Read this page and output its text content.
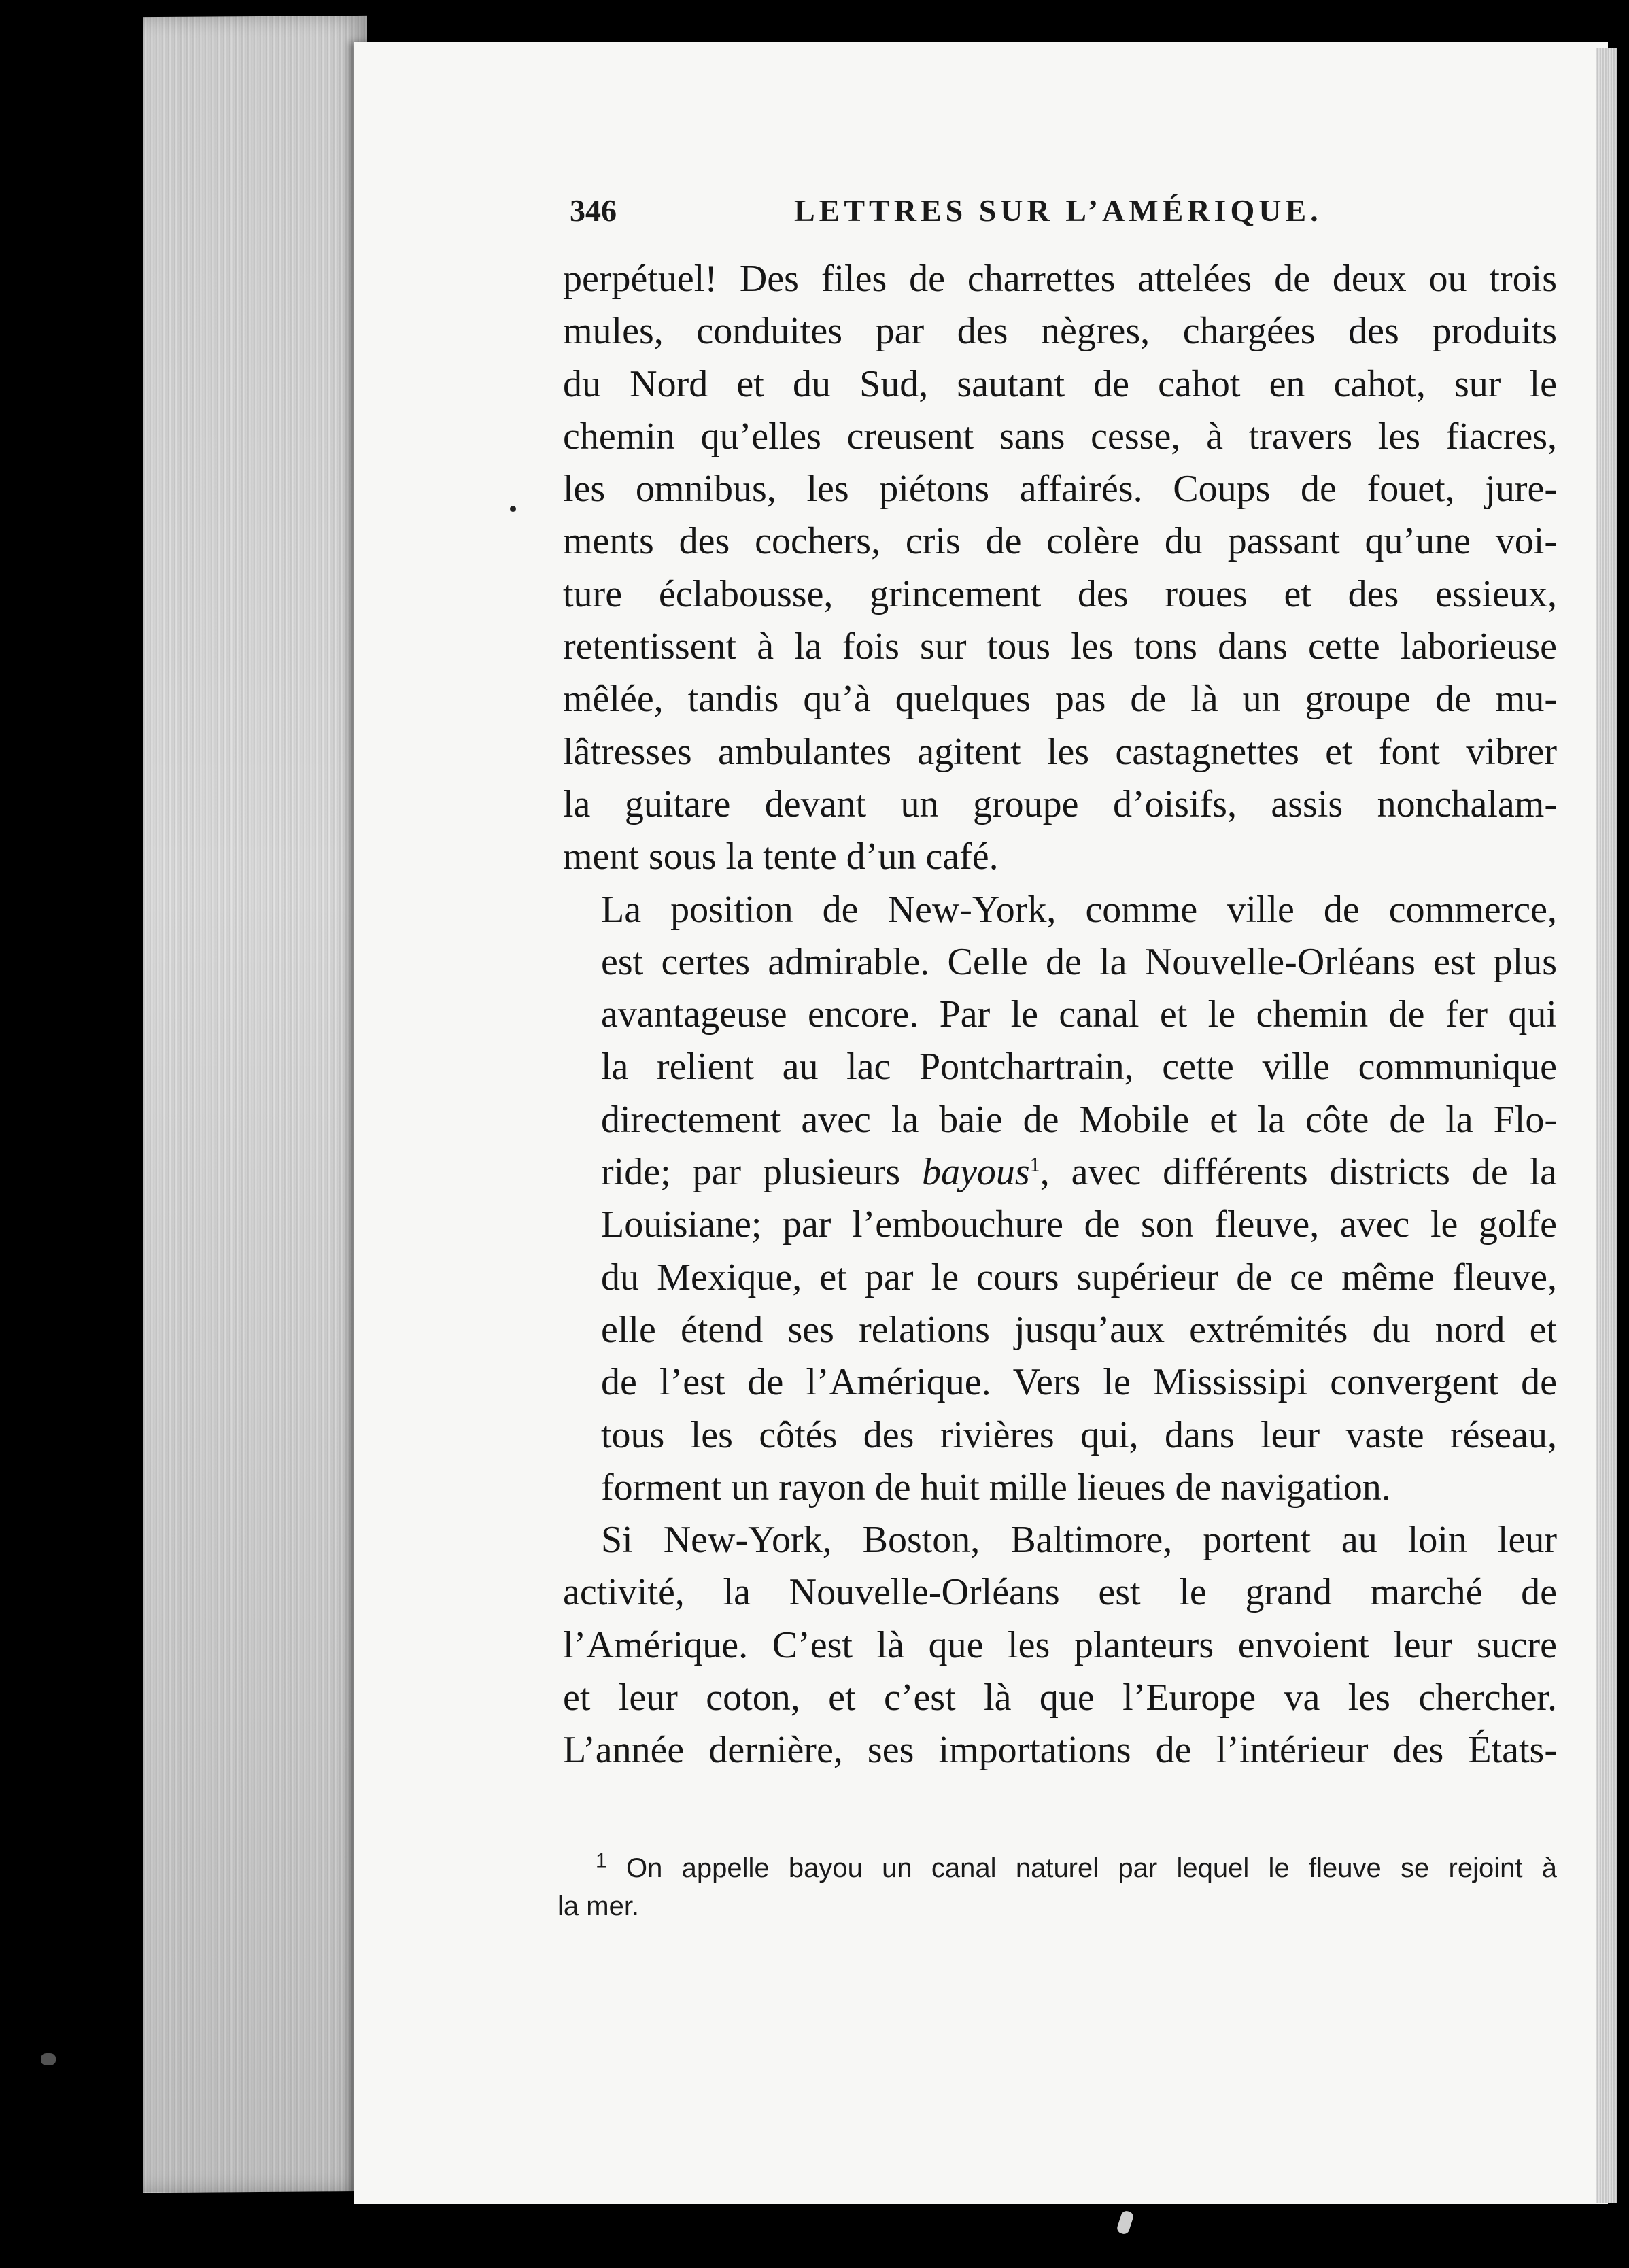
346	LETTRES SUR L’AMÉRIQUE.
perpétuel! Des files de charrettes attelées de deux ou trois
mules, conduites par des nègres, chargées des produits
du Nord et du Sud, sautant de cahot en cahot, sur le
chemin qu’elles creusent sans cesse, à travers les fiacres,
les omnibus, les piétons affairés. Coups de fouet, jure-
ments des cochers, cris de colère du passant qu’une voi-
ture éclabousse, grincement des roues et des essieux,
retentissent à la fois sur tous les tons dans cette laborieuse
mêlée, tandis qu’à quelques pas de là un groupe de mu-
lâtresses ambulantes agitent les castagnettes et font vibrer
la guitare devant un groupe d’oisifs, assis nonchalam-
ment sous la tente d’un café.
La position de New-York, comme ville de commerce,
est certes admirable. Celle de la Nouvelle-Orléans est plus
avantageuse encore. Par le canal et le chemin de fer qui
la relient au lac Pontchartrain, cette ville communique
directement avec la baie de Mobile et la côte de la Flo-
ride; par plusieurs bayous$^1$, avec différents districts de la
Louisiane; par l’embouchure de son fleuve, avec le golfe
du Mexique, et par le cours supérieur de ce même fleuve,
elle étend ses relations jusqu’aux extrémités du nord et
de l’est de l’Amérique. Vers le Mississipi convergent de
tous les côtés des rivières qui, dans leur vaste réseau,
forment un rayon de huit mille lieues de navigation.
Si New-York, Boston, Baltimore, portent au loin leur
activité, la Nouvelle-Orléans est le grand marché de
l’Amérique. C’est là que les planteurs envoient leur sucre
et leur coton, et c’est là que l’Europe va les chercher.
L’année dernière, ses importations de l’intérieur des États-
$^1$ On appelle bayou un canal naturel par lequel le fleuve se rejoint à
la mer.
